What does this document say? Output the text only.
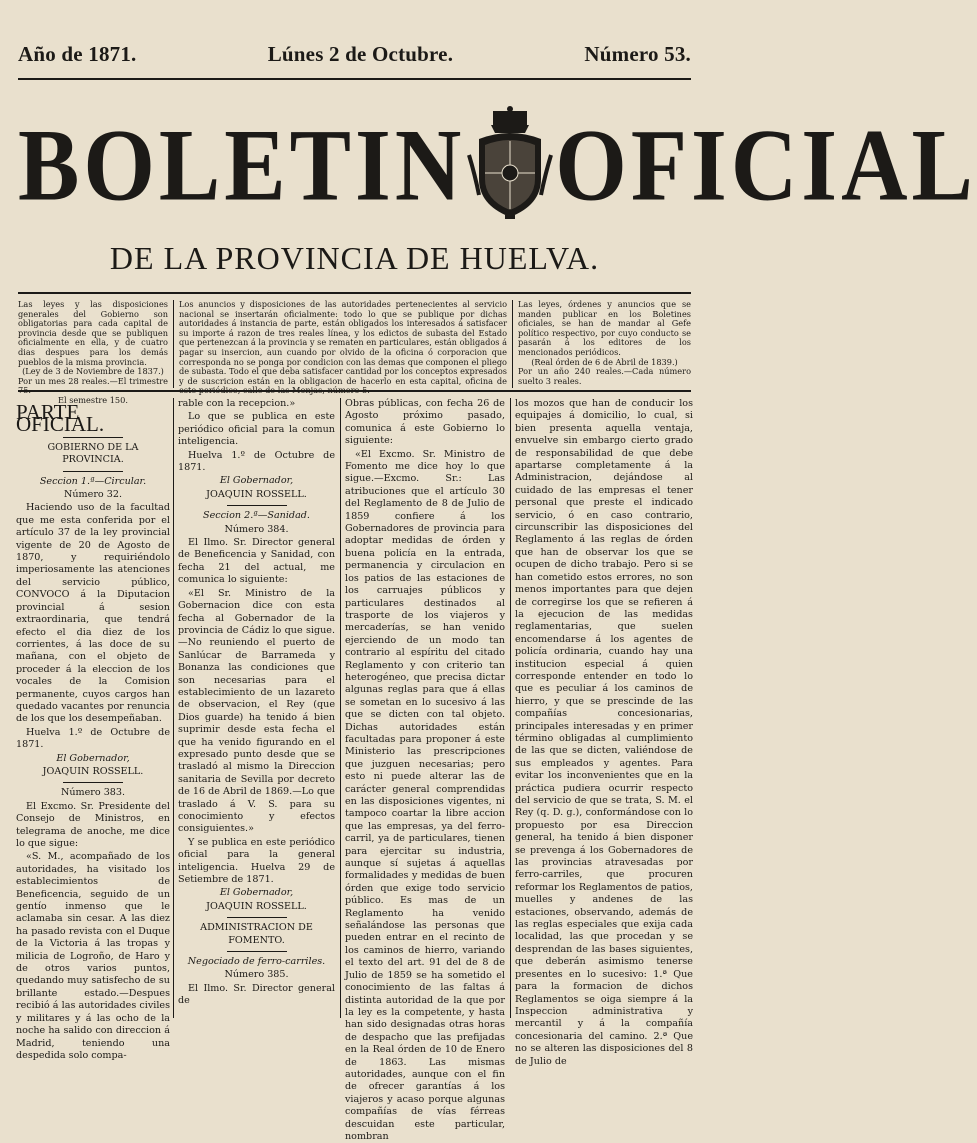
Año de 1871.	Lúnes 2 de Octubre.	Número 53.
BOLETIN OFICIAL
DE LA PROVINCIA DE HUELVA.

Las leyes y las disposiciones generales del Gobierno son obligatorias para cada capital de provincia desde que se publiquen oficialmente en ella, y de cuatro dias despues para los demás pueblos de la misma provincia.

(Ley de 3 de Noviembre de 1837.)

Por un mes 28 reales.—El trimestre 75.

El semestre 150.

Los anuncios y disposiciones de las autoridades pertenecientes al servicio nacional se insertarán oficialmente: todo lo que se publique por dichas autoridades á instancia de parte, están obligados los interesados á satisfacer su importe á razon de tres reales línea, y los edictos de subasta del Estado que pertenezcan á la provincia y se rematen en particulares, están obligados á pagar su insercion, aun cuando por olvido de la oficina ó corporacion que corresponda no se ponga por condicion con las demas que componen el pliego de subasta. Todo el que deba satisfacer cantidad por los conceptos expresados y de suscricion están en la obligacion de hacerlo en esta capital, oficina de este periódico, calle de las Monjas, número 5.

Las leyes, órdenes y anuncios que se manden publicar en los Boletines oficiales, se han de mandar al Gefe político respectivo, por cuyo conducto se pasarán á los editores de los mencionados periódicos.

(Real órden de 6 de Abril de 1839.)

Por un año 240 reales.—Cada número suelto 3 reales.

PARTE OFICIAL.

GOBIERNO DE LA PROVINCIA.

Seccion 1.ª—Circular.

Número 32.

Haciendo uso de la facultad que me esta conferida por el artículo 37 de la ley provincial vigente de 20 de Agosto de 1870, y requiriéndolo imperiosamente las atenciones del servicio público, CONVOCO á la Diputacion provincial á sesion extraordinaria, que tendrá efecto el dia diez de los corrientes, á las doce de su mañana, con el objeto de proceder á la eleccion de los vocales de la Comision permanente, cuyos cargos han quedado vacantes por renuncia de los que los desempeñaban.

Huelva 1.º de Octubre de 1871.

El Gobernador,

JOAQUIN ROSSELL.

Número 383.

El Excmo. Sr. Presidente del Consejo de Ministros, en telegrama de anoche, me dice lo que sigue:

«S. M., acompañado de los autoridades, ha visitado los establecimientos de Beneficencia, seguido de un gentío inmenso que le aclamaba sin cesar. A las diez ha pasado revista con el Duque de la Victoria á las tropas y milicia de Logroño, de Haro y de otros varios puntos, quedando muy satisfecho de su brillante estado.—Despues recibió á las autoridades civiles y militares y á las ocho de la noche ha salido con direccion á Madrid, teniendo una despedida solo compa-

rable con la recepcion.»

Lo que se publica en este periódico oficial para la comun inteligencia.

Huelva 1.º de Octubre de 1871.

El Gobernador,

JOAQUIN ROSSELL.

Seccion 2.ª—Sanidad.

Número 384.

El Ilmo. Sr. Director general de Beneficencia y Sanidad, con fecha 21 del actual, me comunica lo siguiente:

«El Sr. Ministro de la Gobernacion dice con esta fecha al Gobernador de la provincia de Cádiz lo que sigue.—No reuniendo el puerto de Sanlúcar de Barrameda y Bonanza las condiciones que son necesarias para el establecimiento de un lazareto de observacion, el Rey (que Dios guarde) ha tenido á bien suprimir desde esta fecha el que ha venido figurando en el expresado punto desde que se trasladó al mismo la Direccion sanitaria de Sevilla por decreto de 16 de Abril de 1869.—Lo que traslado á V. S. para su conocimiento y efectos consiguientes.»

Y se publica en este periódico oficial para la general inteligencia. Huelva 29 de Setiembre de 1871.

El Gobernador,

JOAQUIN ROSSELL.

ADMINISTRACION DE FOMENTO.

Negociado de ferro-carriles.

Número 385.

El Ilmo. Sr. Director general de

Obras públicas, con fecha 26 de Agosto próximo pasado, comunica á este Gobierno lo siguiente:

«El Excmo. Sr. Ministro de Fomento me dice hoy lo que sigue.—Excmo. Sr.: Las atribuciones que el artículo 30 del Reglamento de 8 de Julio de 1859 confiere á los Gobernadores de provincia para adoptar medidas de órden y buena policía en la entrada, permanencia y circulacion en los patios de las estaciones de los carruajes públicos y particulares destinados al trasporte de los viajeros y mercaderías, se han venido ejerciendo de un modo tan contrario al espíritu del citado Reglamento y con criterio tan heterogéneo, que precisa dictar algunas reglas para que á ellas se sometan en lo sucesivo á las que se dicten con tal objeto. Dichas autoridades están facultadas para proponer á este Ministerio las prescripciones que juzguen necesarias; pero esto ni puede alterar las de carácter general comprendidas en las disposiciones vigentes, ni tampoco coartar la libre accion que las empresas, ya del ferro-carril, ya de particulares, tienen para ejercitar su industria, aunque sí sujetas á aquellas formalidades y medidas de buen órden que exige todo servicio público. Es mas de un Reglamento ha venido señalándose las personas que pueden entrar en el recinto de los caminos de hierro, variando el texto del art. 91 del de 8 de Julio de 1859 se ha sometido el conocimiento de las faltas á distinta autoridad de la que por la ley es la competente, y hasta han sido designadas otras horas de despacho que las prefijadas en la Real órden de 10 de Enero de 1863. Las mismas autoridades, aunque con el fin de ofrecer garantías á los viajeros y acaso porque algunas compañías de vías férreas descuidan este particular, nombran

los mozos que han de conducir los equipajes á domicilio, lo cual, si bien presenta aquella ventaja, envuelve sin embargo cierto grado de responsabilidad de que debe apartarse completamente á la Administracion, dejándose al cuidado de las empresas el tener personal que preste el indicado servicio, ó en caso contrario, circunscribir las disposiciones del Reglamento á las reglas de órden que han de observar los que se ocupen de dicho trabajo. Pero si se han cometido estos errores, no son menos importantes para que dejen de corregirse los que se refieren á la ejecucion de las medidas reglamentarias, que suelen encomendarse á los agentes de policía ordinaria, cuando hay una institucion especial á quien corresponde entender en todo lo que es peculiar á los caminos de hierro, y que se prescinde de las compañías concesionarias, principales interesadas y en primer término obligadas al cumplimiento de las que se dicten, valiéndose de sus empleados y agentes. Para evitar los inconvenientes que en la práctica pudiera ocurrir respecto del servicio de que se trata, S. M. el Rey (q. D. g.), conformándose con lo propuesto por esa Direccion general, ha tenido á bien disponer se prevenga á los Gobernadores de las provincias atravesadas por ferro-carriles, que procuren reformar los Reglamentos de patios, muelles y andenes de las estaciones, observando, además de las reglas especiales que exija cada localidad, las que procedan y se desprendan de las bases siguientes, que deberán asimismo tenerse presentes en lo sucesivo: 1.ª Que para la formacion de dichos Reglamentos se oiga siempre á la Inspeccion administrativa y mercantil y á la compañía concesionaria del camino. 2.ª Que no se alteren las disposiciones del 8 de Julio de
